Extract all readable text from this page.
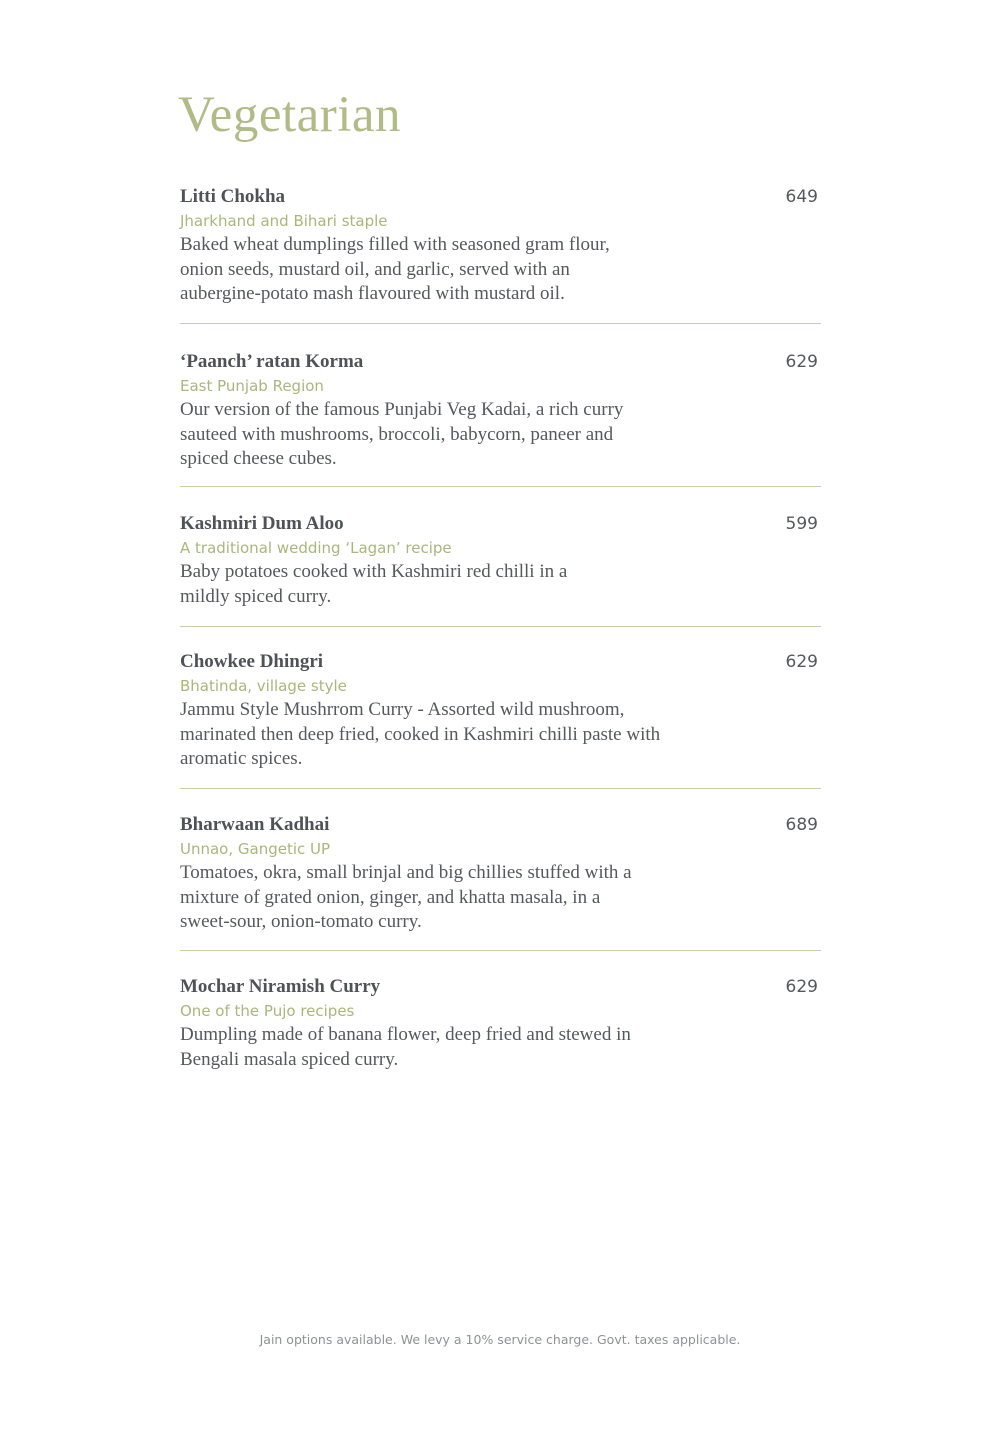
Vegetarian

Litti Chokha	649

Jharkhand and Bihari staple

Baked wheat dumplings filled with seasoned gram flour, onion seeds, mustard oil, and garlic, served with an aubergine-potato mash flavoured with mustard oil.

‘Paanch’ ratan Korma	629

East Punjab Region

Our version of the famous Punjabi Veg Kadai, a rich curry sauteed with mushrooms, broccoli, babycorn, paneer and spiced cheese cubes.

Kashmiri Dum Aloo	599

A traditional wedding ‘Lagan’ recipe

Baby potatoes cooked with Kashmiri red chilli in a mildly spiced curry.

Chowkee Dhingri	629

Bhatinda, village style

Jammu Style Mushrrom Curry - Assorted wild mushroom, marinated then deep fried, cooked in Kashmiri chilli paste with aromatic spices.

Bharwaan Kadhai	689

Unnao, Gangetic UP

Tomatoes, okra, small brinjal and big chillies stuffed with a mixture of grated onion, ginger, and khatta masala, in a sweet-sour, onion-tomato curry.

Mochar Niramish Curry	629

One of the Pujo recipes

Dumpling made of banana flower, deep fried and stewed in Bengali masala spiced curry.

Jain options available. We levy a 10% service charge. Govt. taxes applicable.
